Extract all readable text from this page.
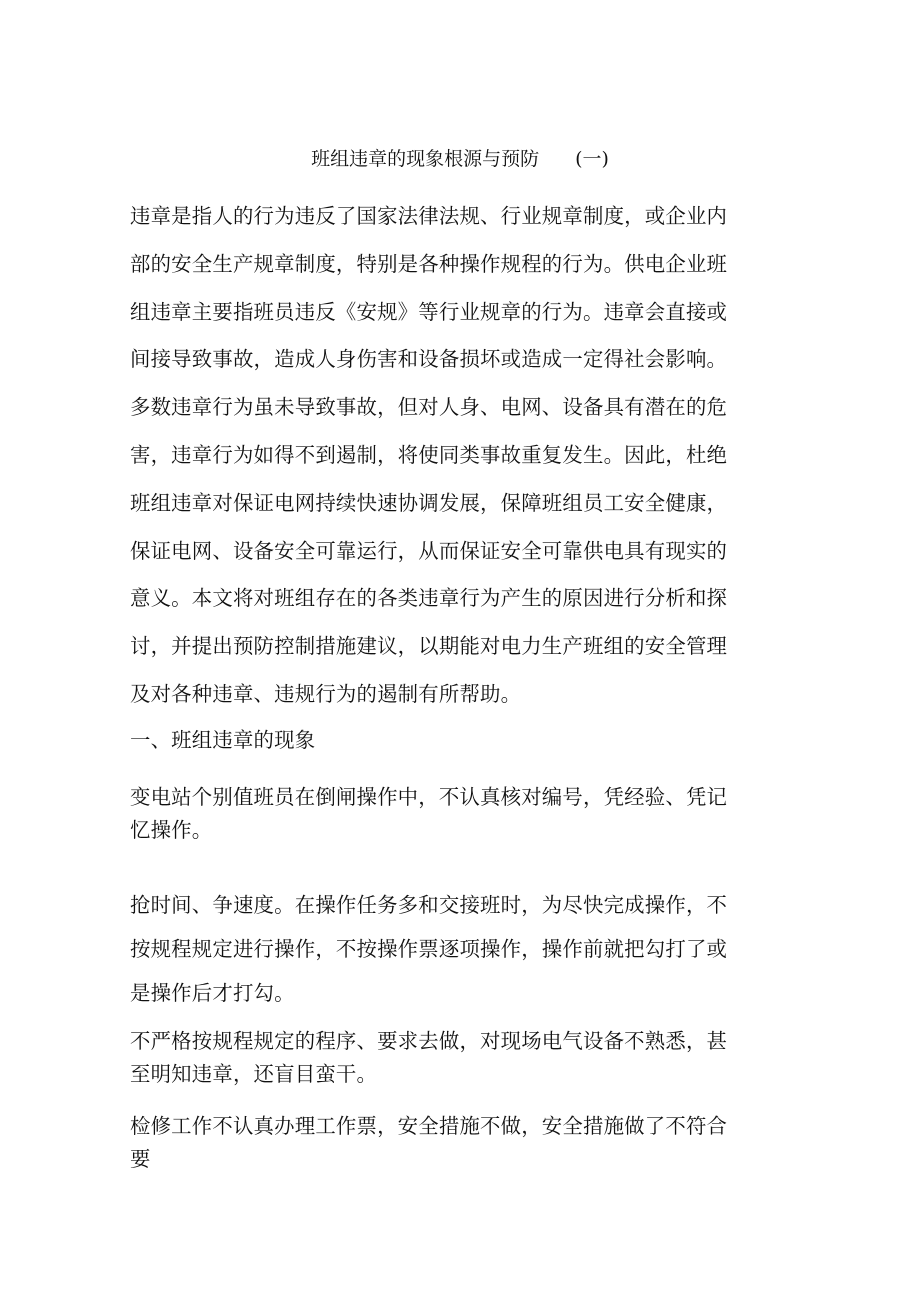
班组违章的现象根源与预防 (一)
违章是指人的行为违反了国家法律法规、行业规章制度，或企业内部的安全生产规章制度，特别是各种操作规程的行为。供电企业班组违章主要指班员违反《安规》等行业规章的行为。违章会直接或间接导致事故，造成人身伤害和设备损坏或造成一定得社会影响。多数违章行为虽未导致事故，但对人身、电网、设备具有潜在的危害，违章行为如得不到遏制，将使同类事故重复发生。因此，杜绝班组违章对保证电网持续快速协调发展，保障班组员工安全健康，保证电网、设备安全可靠运行，从而保证安全可靠供电具有现实的意义。本文将对班组存在的各类违章行为产生的原因进行分析和探讨，并提出预防控制措施建议，以期能对电力生产班组的安全管理及对各种违章、违规行为的遏制有所帮助。
一、班组违章的现象
变电站个别值班员在倒闸操作中，不认真核对编号，凭经验、凭记忆操作。
抢时间、争速度。在操作任务多和交接班时，为尽快完成操作，不按规程规定进行操作，不按操作票逐项操作，操作前就把勾打了或是操作后才打勾。
不严格按规程规定的程序、要求去做，对现场电气设备不熟悉，甚至明知违章，还盲目蛮干。
检修工作不认真办理工作票，安全措施不做，安全措施做了不符合要
